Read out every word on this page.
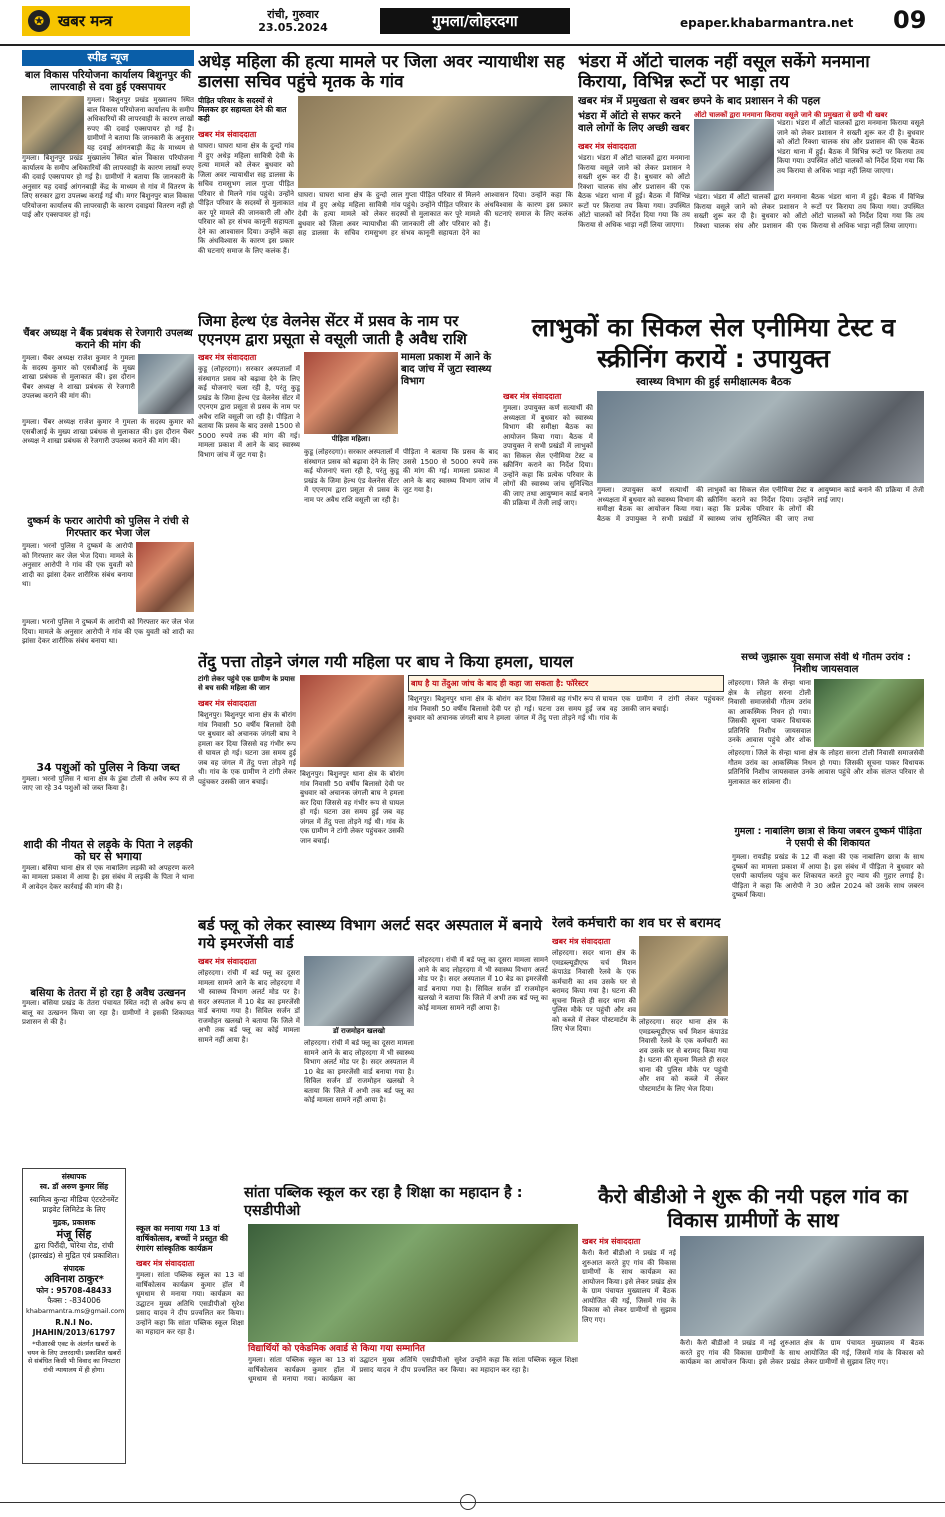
खबर मन्त्र
✪	रांची, गुरुवार
23.05.2024	गुमला/लोहरदगा	epaper.khabarmantra.net 09
स्पीड न्यूज
बाल विकास परियोजना कार्यालय बिशुनपुर की लापरवाही से दवा हुई एक्सपायर
गुमला। बिशुनपुर प्रखंड मुख्यालय स्थित बाल विकास परियोजना कार्यालय के समीप अधिकारियों की लापरवाही के कारण लाखों रुपए की दवाई एक्सपायर हो गई है। ग्रामीणों ने बताया कि जानकारी के अनुसार यह दवाई आंगनबाड़ी केंद्र के माध्यम से
गुमला। बिशुनपुर प्रखंड मुख्यालय स्थित बाल विकास परियोजना कार्यालय के समीप अधिकारियों की लापरवाही के कारण लाखों रुपए की दवाई एक्सपायर हो गई है। ग्रामीणों ने बताया कि जानकारी के अनुसार यह दवाई आंगनबाड़ी केंद्र के माध्यम से गांव में वितरण के लिए सरकार द्वारा उपलब्ध कराई गई थी। मगर बिशुनपुर बाल विकास परियोजना कार्यालय की लापरवाही के कारण दवाइयां वितरण नहीं हो पाई और एक्सपायर हो गई।
चैंबर अध्यक्ष ने बैंक प्रबंधक से रेजगारी उपलब्ध कराने की मांग की
गुमला। चैंबर अध्यक्ष राजेश कुमार ने गुमला के सदस्य कुमार को एसबीआई के मुख्य शाखा प्रबंधक से मुलाकात की। इस दौरान चैंबर अध्यक्ष ने शाखा प्रबंधक से रेजगारी उपलब्ध कराने की मांग की।
गुमला। चैंबर अध्यक्ष राजेश कुमार ने गुमला के सदस्य कुमार को एसबीआई के मुख्य शाखा प्रबंधक से मुलाकात की। इस दौरान चैंबर अध्यक्ष ने शाखा प्रबंधक से रेजगारी उपलब्ध कराने की मांग की।
दुष्कर्म के फरार आरोपी को पुलिस ने रांची से गिरफ्तार कर भेजा जेल
गुमला। भरनो पुलिस ने दुष्कर्म के आरोपी को गिरफ्तार कर जेल भेज दिया। मामले के अनुसार आरोपी ने गांव की एक युवती को शादी का झांसा देकर शारीरिक संबंध बनाया था।
गुमला। भरनो पुलिस ने दुष्कर्म के आरोपी को गिरफ्तार कर जेल भेज दिया। मामले के अनुसार आरोपी ने गांव की एक युवती को शादी का झांसा देकर शारीरिक संबंध बनाया था।
34 पशुओं को पुलिस ने किया जब्त
गुमला। भरनो पुलिस ने थाना क्षेत्र के डुंबा टोली से अवैध रूप से ले जाए जा रहे 34 पशुओं को जब्त किया है।
शादी की नीयत से लड़के के पिता ने लड़की को घर से भगाया
गुमला। बसिया थाना क्षेत्र से एक नाबालिग लड़की को अपहरण करने का मामला प्रकाश में आया है। इस संबंध में लड़की के पिता ने थाना में आवेदन देकर कार्रवाई की मांग की है।
बसिया के तेतरा में हो रहा है अवैध उत्खनन
गुमला। बसिया प्रखंड के तेतरा पंचायत स्थित नदी से अवैध रूप से बालू का उत्खनन किया जा रहा है। ग्रामीणों ने इसकी शिकायत प्रशासन से की है।
संस्थापक
स्व. डॉ अरुण कुमार सिंह
स्वामित्व कुन्दा मीडिया एंटरटेनमेंट प्राइवेट लिमिटेड के लिए
मुद्रक, प्रकाशक
मंजू सिंह
द्वारा पिरौंदी, चोरेया रोड, रांची (झारखंड) से मुद्रित एवं प्रकाशित।
संपादक
अविनाश ठाकुर*
फोन : 95708-48433
फैक्स : -834006
khabarmantra.ms@gmail.com
R.N.I No. JHAHIN/2013/61797
*पीआरबी एक्ट के अंतर्गत खबरों के चयन के लिए उत्तरदायी। प्रकाशित खबरों से संबंधित किसी भी विवाद का निपटारा रांची न्यायालय में ही होगा।
अधेड़ महिला की हत्या मामले पर जिला अवर न्यायाधीश सह डालसा सचिव पहुंचे मृतक के गांव
पीड़ित परिवार के सदस्यों से मिलकर हर सहायता देने की बात कही
खबर मंत्र संवाददाता
घाघरा। घाघरा थाना क्षेत्र के दुन्दो गांव में हुए अधेड़ महिला सावित्री देवी के हत्या मामले को लेकर बुधवार को जिला अवर न्यायाधीश सह डालसा के सचिव रामसुभग लाल गुप्ता पीड़ित परिवार से मिलने गांव पहुंचे। उन्होंने पीड़ित परिवार के सदस्यों से मुलाकात कर पूरे मामले की जानकारी ली और परिवार को हर संभव कानूनी सहायता देने का आश्वासन दिया। उन्होंने कहा कि अंधविश्वास के कारण इस प्रकार की घटनाएं समाज के लिए कलंक हैं।
घाघरा। घाघरा थाना क्षेत्र के दुन्दो गांव में हुए अधेड़ महिला सावित्री देवी के हत्या मामले को लेकर बुधवार को जिला अवर न्यायाधीश सह डालसा के सचिव रामसुभग लाल गुप्ता पीड़ित परिवार से मिलने गांव पहुंचे। उन्होंने पीड़ित परिवार के सदस्यों से मुलाकात कर पूरे मामले की जानकारी ली और परिवार को हर संभव कानूनी सहायता देने का आश्वासन दिया। उन्होंने कहा कि अंधविश्वास के कारण इस प्रकार की घटनाएं समाज के लिए कलंक हैं।
भंडरा में ऑटो चालक नहीं वसूल सकेंगे मनमाना किराया, विभिन्न रूटों पर भाड़ा तय
खबर मंत्र में प्रमुखता से खबर छपने के बाद प्रशासन ने की पहल
भंडरा में ऑटो से सफर करने वाले लोगों के लिए अच्छी खबर
खबर मंत्र संवाददाता
भंडरा। भंडरा में ऑटो चालकों द्वारा मनमाना किराया वसूले जाने को लेकर प्रशासन ने सख्ती शुरू कर दी है। बुधवार को ऑटो रिक्शा चालक संघ और प्रशासन की एक बैठक भंडरा थाना में हुई। बैठक में विभिन्न रूटों पर किराया तय किया गया। उपस्थित ऑटो चालकों को निर्देश दिया गया कि तय किराया से अधिक भाड़ा नहीं लिया जाएगा।
ऑटो चालकों द्वारा मनमाना किराया वसूले जाने की प्रमुखता से छपी थी खबर
भंडरा। भंडरा में ऑटो चालकों द्वारा मनमाना किराया वसूले जाने को लेकर प्रशासन ने सख्ती शुरू कर दी है। बुधवार को ऑटो रिक्शा चालक संघ और प्रशासन की एक बैठक भंडरा थाना में हुई। बैठक में विभिन्न रूटों पर किराया तय किया गया। उपस्थित ऑटो चालकों को निर्देश दिया गया कि तय किराया से अधिक भाड़ा नहीं लिया जाएगा।
भंडरा। भंडरा में ऑटो चालकों द्वारा मनमाना किराया वसूले जाने को लेकर प्रशासन ने सख्ती शुरू कर दी है। बुधवार को ऑटो रिक्शा चालक संघ और प्रशासन की एक बैठक भंडरा थाना में हुई। बैठक में विभिन्न रूटों पर किराया तय किया गया। उपस्थित ऑटो चालकों को निर्देश दिया गया कि तय किराया से अधिक भाड़ा नहीं लिया जाएगा।
जिमा हेल्थ एंड वेलनेस सेंटर में प्रसव के नाम पर एएनएम द्वारा प्रसूता से वसूली जाती है अवैध राशि
खबर मंत्र संवाददाता
कुडू (लोहरदगा)। सरकार अस्पतालों में संस्थागत प्रसव को बढ़ावा देने के लिए कई योजनाएं चला रही है, परंतु कुडू प्रखंड के जिमा हेल्थ एंड वेलनेस सेंटर में एएनएम द्वारा प्रसूता से प्रसव के नाम पर अवैध राशि वसूली जा रही है। पीड़िता ने बताया कि प्रसव के बाद उससे 1500 से 5000 रुपये तक की मांग की गई। मामला प्रकाश में आने के बाद स्वास्थ्य विभाग जांच में जुट गया है।
पीड़िता महिला।
मामला प्रकाश में आने के बाद जांच में जुटा स्वास्थ्य विभाग
कुडू (लोहरदगा)। सरकार अस्पतालों में संस्थागत प्रसव को बढ़ावा देने के लिए कई योजनाएं चला रही है, परंतु कुडू प्रखंड के जिमा हेल्थ एंड वेलनेस सेंटर में एएनएम द्वारा प्रसूता से प्रसव के नाम पर अवैध राशि वसूली जा रही है। पीड़िता ने बताया कि प्रसव के बाद उससे 1500 से 5000 रुपये तक की मांग की गई। मामला प्रकाश में आने के बाद स्वास्थ्य विभाग जांच में जुट गया है।
लाभुकों का सिकल सेल एनीमिया टेस्ट व स्क्रीनिंग करायें : उपायुक्त
स्वास्थ्य विभाग की हुई समीक्षात्मक बैठक
खबर मंत्र संवाददाता
गुमला। उपायुक्त कर्ण सत्यार्थी की अध्यक्षता में बुधवार को स्वास्थ्य विभाग की समीक्षा बैठक का आयोजन किया गया। बैठक में उपायुक्त ने सभी प्रखंडों में लाभुकों का सिकल सेल एनीमिया टेस्ट व स्क्रीनिंग कराने का निर्देश दिया। उन्होंने कहा कि प्रत्येक परिवार के लोगों की स्वास्थ्य जांच सुनिश्चित की जाए तथा आयुष्मान कार्ड बनाने की प्रक्रिया में तेजी लाई जाए।
गुमला। उपायुक्त कर्ण सत्यार्थी की अध्यक्षता में बुधवार को स्वास्थ्य विभाग की समीक्षा बैठक का आयोजन किया गया। बैठक में उपायुक्त ने सभी प्रखंडों में लाभुकों का सिकल सेल एनीमिया टेस्ट व स्क्रीनिंग कराने का निर्देश दिया। उन्होंने कहा कि प्रत्येक परिवार के लोगों की स्वास्थ्य जांच सुनिश्चित की जाए तथा आयुष्मान कार्ड बनाने की प्रक्रिया में तेजी लाई जाए।
तेंदु पत्ता तोड़ने जंगल गयी महिला पर बाघ ने किया हमला, घायल
टांगी लेकर पहुंचे एक ग्रामीण के प्रयास से बच सकी महिला की जान
खबर मंत्र संवाददाता
बिशुनपुर। बिशुनपुर थाना क्षेत्र के बोरांग गांव निवासी 50 वर्षीय बिलासो देवी पर बुधवार को अचानक जंगली बाघ ने हमला कर दिया जिससे वह गंभीर रूप से घायल हो गई। घटना उस समय हुई जब वह जंगल में तेंदु पत्ता तोड़ने गई थी। गांव के एक ग्रामीण ने टांगी लेकर पहुंचकर उसकी जान बचाई।
बिशुनपुर। बिशुनपुर थाना क्षेत्र के बोरांग गांव निवासी 50 वर्षीय बिलासो देवी पर बुधवार को अचानक जंगली बाघ ने हमला कर दिया जिससे वह गंभीर रूप से घायल हो गई। घटना उस समय हुई जब वह जंगल में तेंदु पत्ता तोड़ने गई थी। गांव के एक ग्रामीण ने टांगी लेकर पहुंचकर उसकी जान बचाई।
बाघ है या तेंदुआ जांच के बाद ही कहा जा सकता है: फॉरेस्टर
बिशुनपुर। बिशुनपुर थाना क्षेत्र के बोरांग गांव निवासी 50 वर्षीय बिलासो देवी पर बुधवार को अचानक जंगली बाघ ने हमला कर दिया जिससे वह गंभीर रूप से घायल हो गई। घटना उस समय हुई जब वह जंगल में तेंदु पत्ता तोड़ने गई थी। गांव के एक ग्रामीण ने टांगी लेकर पहुंचकर उसकी जान बचाई।
सच्चे जुझारू युवा समाज सेवी थे गौतम उरांव : निशीथ जायसवाल
लोहरदगा। जिले के सेन्हा थाना क्षेत्र के लोहरा सरना टोली निवासी समाजसेवी गौतम उरांव का आकस्मिक निधन हो गया। जिसकी सूचना पाकर विधायक प्रतिनिधि निशीथ जायसवाल उनके आवास पहुंचे और शोक
लोहरदगा। जिले के सेन्हा थाना क्षेत्र के लोहरा सरना टोली निवासी समाजसेवी गौतम उरांव का आकस्मिक निधन हो गया। जिसकी सूचना पाकर विधायक प्रतिनिधि निशीथ जायसवाल उनके आवास पहुंचे और शोक संतप्त परिवार से मुलाकात कर सांत्वना दी।
बर्ड फ्लू को लेकर स्वास्थ्य विभाग अलर्ट सदर अस्पताल में बनाये गये इमरजेंसी वार्ड
खबर मंत्र संवाददाता
लोहरदगा। रांची में बर्ड फ्लू का दूसरा मामला सामने आने के बाद लोहरदगा में भी स्वास्थ्य विभाग अलर्ट मोड पर है। सदर अस्पताल में 10 बेड का इमरजेंसी वार्ड बनाया गया है। सिविल सर्जन डॉ राजमोहन खलखो ने बताया कि जिले में अभी तक बर्ड फ्लू का कोई मामला सामने नहीं आया है।
डॉ राजमोहन खलखो
लोहरदगा। रांची में बर्ड फ्लू का दूसरा मामला सामने आने के बाद लोहरदगा में भी स्वास्थ्य विभाग अलर्ट मोड पर है। सदर अस्पताल में 10 बेड का इमरजेंसी वार्ड बनाया गया है। सिविल सर्जन डॉ राजमोहन खलखो ने बताया कि जिले में अभी तक बर्ड फ्लू का कोई मामला सामने नहीं आया है।
लोहरदगा। रांची में बर्ड फ्लू का दूसरा मामला सामने आने के बाद लोहरदगा में भी स्वास्थ्य विभाग अलर्ट मोड पर है। सदर अस्पताल में 10 बेड का इमरजेंसी वार्ड बनाया गया है। सिविल सर्जन डॉ राजमोहन खलखो ने बताया कि जिले में अभी तक बर्ड फ्लू का कोई मामला सामने नहीं आया है।
रेलवे कर्मचारी का शव घर से बरामद
खबर मंत्र संवाददाता
लोहरदगा। सदर थाना क्षेत्र के एमडब्ल्यूडीएफ चर्च मिशन कंपाउंड निवासी रेलवे के एक कर्मचारी का शव उसके घर से बरामद किया गया है। घटना की सूचना मिलते ही सदर थाना की पुलिस मौके पर पहुंची और शव को कब्जे में लेकर पोस्टमार्टम के लिए भेज दिया।
लोहरदगा। सदर थाना क्षेत्र के एमडब्ल्यूडीएफ चर्च मिशन कंपाउंड निवासी रेलवे के एक कर्मचारी का शव उसके घर से बरामद किया गया है। घटना की सूचना मिलते ही सदर थाना की पुलिस मौके पर पहुंची और शव को कब्जे में लेकर पोस्टमार्टम के लिए भेज दिया।
गुमला : नाबालिग छात्रा से किया जबरन दुष्कर्म पीड़िता ने एसपी से की शिकायत
गुमला। रायडीह प्रखंड के 12 वीं कक्षा की एक नाबालिग छात्रा के साथ दुष्कर्म का मामला प्रकाश में आया है। इस संबंध में पीड़िता ने बुधवार को एसपी कार्यालय पहुंच कर शिकायत करते हुए न्याय की गुहार लगाई है। पीड़िता ने कहा कि आरोपी ने 30 अप्रैल 2024 को उसके साथ जबरन दुष्कर्म किया।
सांता पब्लिक स्कूल कर रहा है शिक्षा का महादान है : एसडीपीओ
स्कूल का मनाया गया 13 वां वार्षिकोत्सव, बच्चों ने प्रस्तुत की रंगारंग सांस्कृतिक कार्यक्रम
खबर मंत्र संवाददाता
गुमला। सांता पब्लिक स्कूल का 13 वां वार्षिकोत्सव कार्यक्रम कुमार हॉल में धूमधाम से मनाया गया। कार्यक्रम का उद्घाटन मुख्य अतिथि एसडीपीओ सुरेश प्रसाद यादव ने दीप प्रज्वलित कर किया। उन्होंने कहा कि सांता पब्लिक स्कूल शिक्षा का महादान कर रहा है।
विद्यार्थियों को एकेडमिक अवार्ड से किया गया सम्मानित
गुमला। सांता पब्लिक स्कूल का 13 वां वार्षिकोत्सव कार्यक्रम कुमार हॉल में धूमधाम से मनाया गया। कार्यक्रम का उद्घाटन मुख्य अतिथि एसडीपीओ सुरेश प्रसाद यादव ने दीप प्रज्वलित कर किया। उन्होंने कहा कि सांता पब्लिक स्कूल शिक्षा का महादान कर रहा है।
कैरो बीडीओ ने शुरू की नयी पहल गांव का विकास ग्रामीणों के साथ
खबर मंत्र संवाददाता
कैरो। कैरो बीडीओ ने प्रखंड में नई शुरुआत करते हुए गांव की विकास ग्रामीणों के साथ कार्यक्रम का आयोजन किया। इसे लेकर प्रखंड क्षेत्र के ग्राम पंचायत मुख्यालय में बैठक आयोजित की गई, जिसमें गांव के विकास को लेकर ग्रामीणों से सुझाव लिए गए।
कैरो। कैरो बीडीओ ने प्रखंड में नई शुरुआत करते हुए गांव की विकास ग्रामीणों के साथ कार्यक्रम का आयोजन किया। इसे लेकर प्रखंड क्षेत्र के ग्राम पंचायत मुख्यालय में बैठक आयोजित की गई, जिसमें गांव के विकास को लेकर ग्रामीणों से सुझाव लिए गए।
